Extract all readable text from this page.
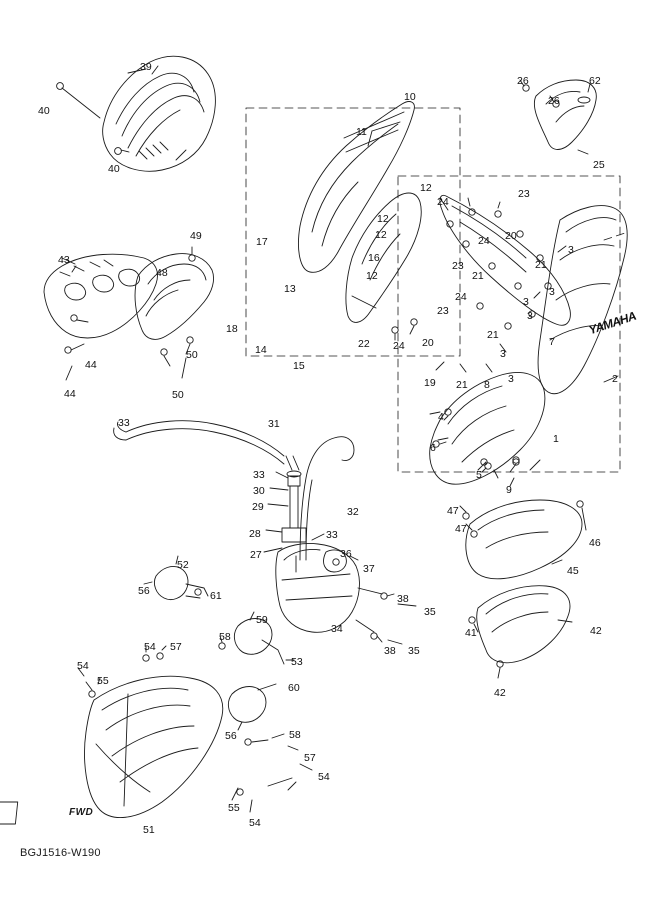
YAMAHA
FWD
BGJ1516-W190
39
40
40
26	62
26
10
11
25
12
24
23
12
12	20
3
17
49
16
24
23	21
43
48	12	21
13
24	3
3
23	3
18
22 24 20
21
7
3
2
44
50	14
15
19 21 8 3
44	50
4
1
33	31
6
33
30
5
9
29	32
33
28
47
47
46
27	36
37
52	45
56	61	38
35
59
34	42
54 57
58
53
38 35
41
54
55
60	42
56	58
57
54
55
54
51
